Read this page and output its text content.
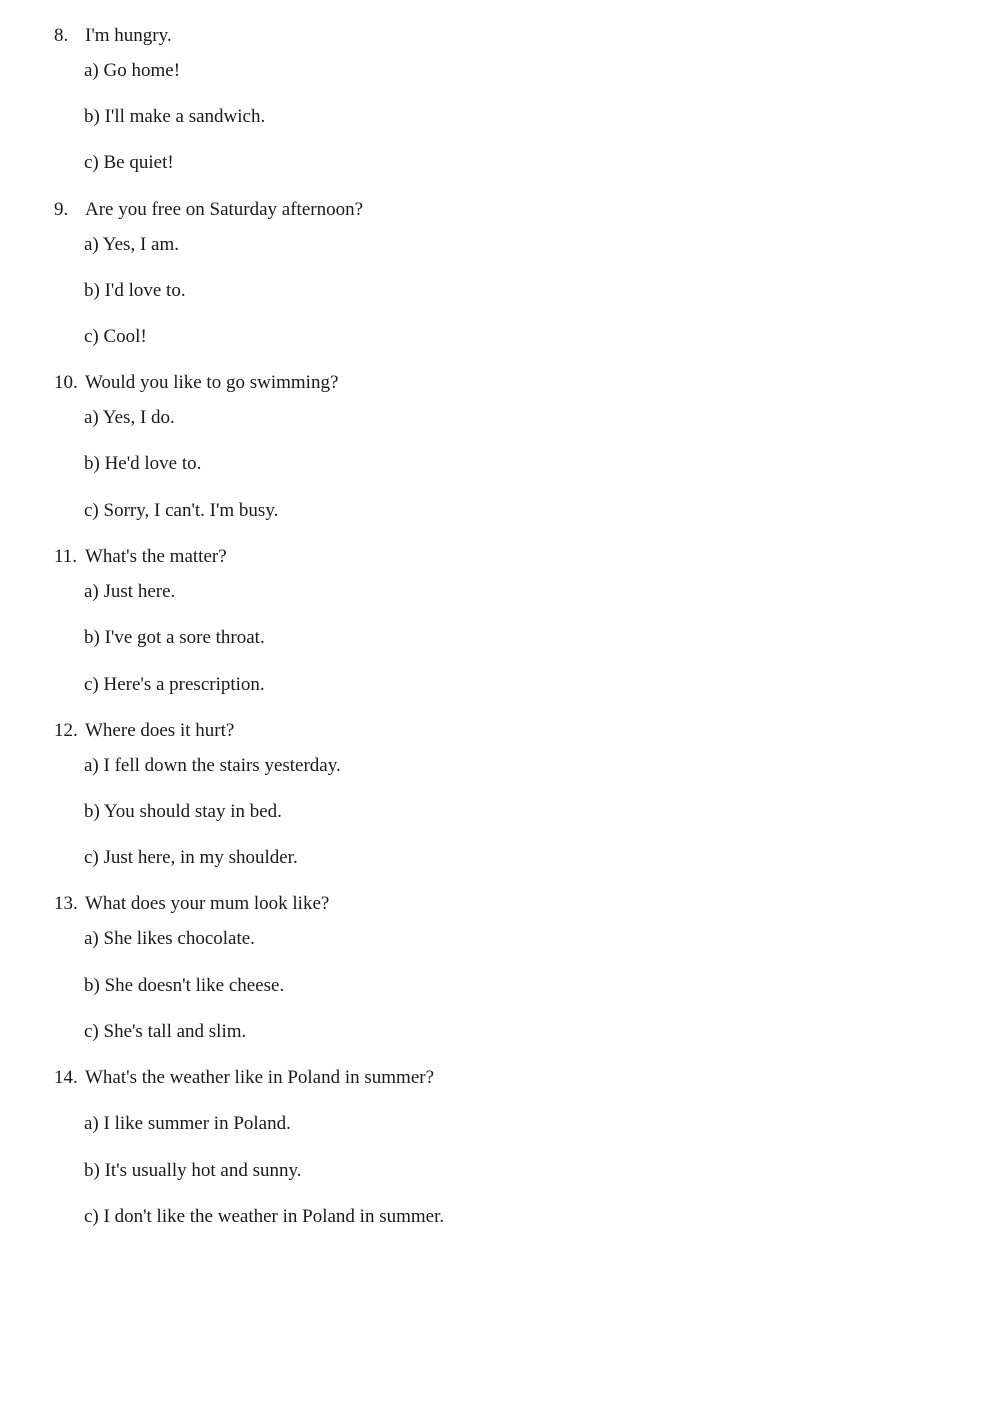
8. I'm hungry.
a) Go home!
b) I'll make a sandwich.
c) Be quiet!
9. Are you free on Saturday afternoon?
a) Yes, I am.
b) I'd love to.
c) Cool!
10. Would you like to go swimming?
a) Yes, I do.
b) He'd love to.
c) Sorry, I can't. I'm busy.
11. What's the matter?
a) Just here.
b) I've got a sore throat.
c) Here's a prescription.
12. Where does it hurt?
a) I fell down the stairs yesterday.
b) You should stay in bed.
c) Just here, in my shoulder.
13. What does your mum look like?
a) She likes chocolate.
b) She doesn't like cheese.
c) She's tall and slim.
14. What's the weather like in Poland in summer?
a) I like summer in Poland.
b) It's usually hot and sunny.
c) I don't like the weather in Poland in summer.
